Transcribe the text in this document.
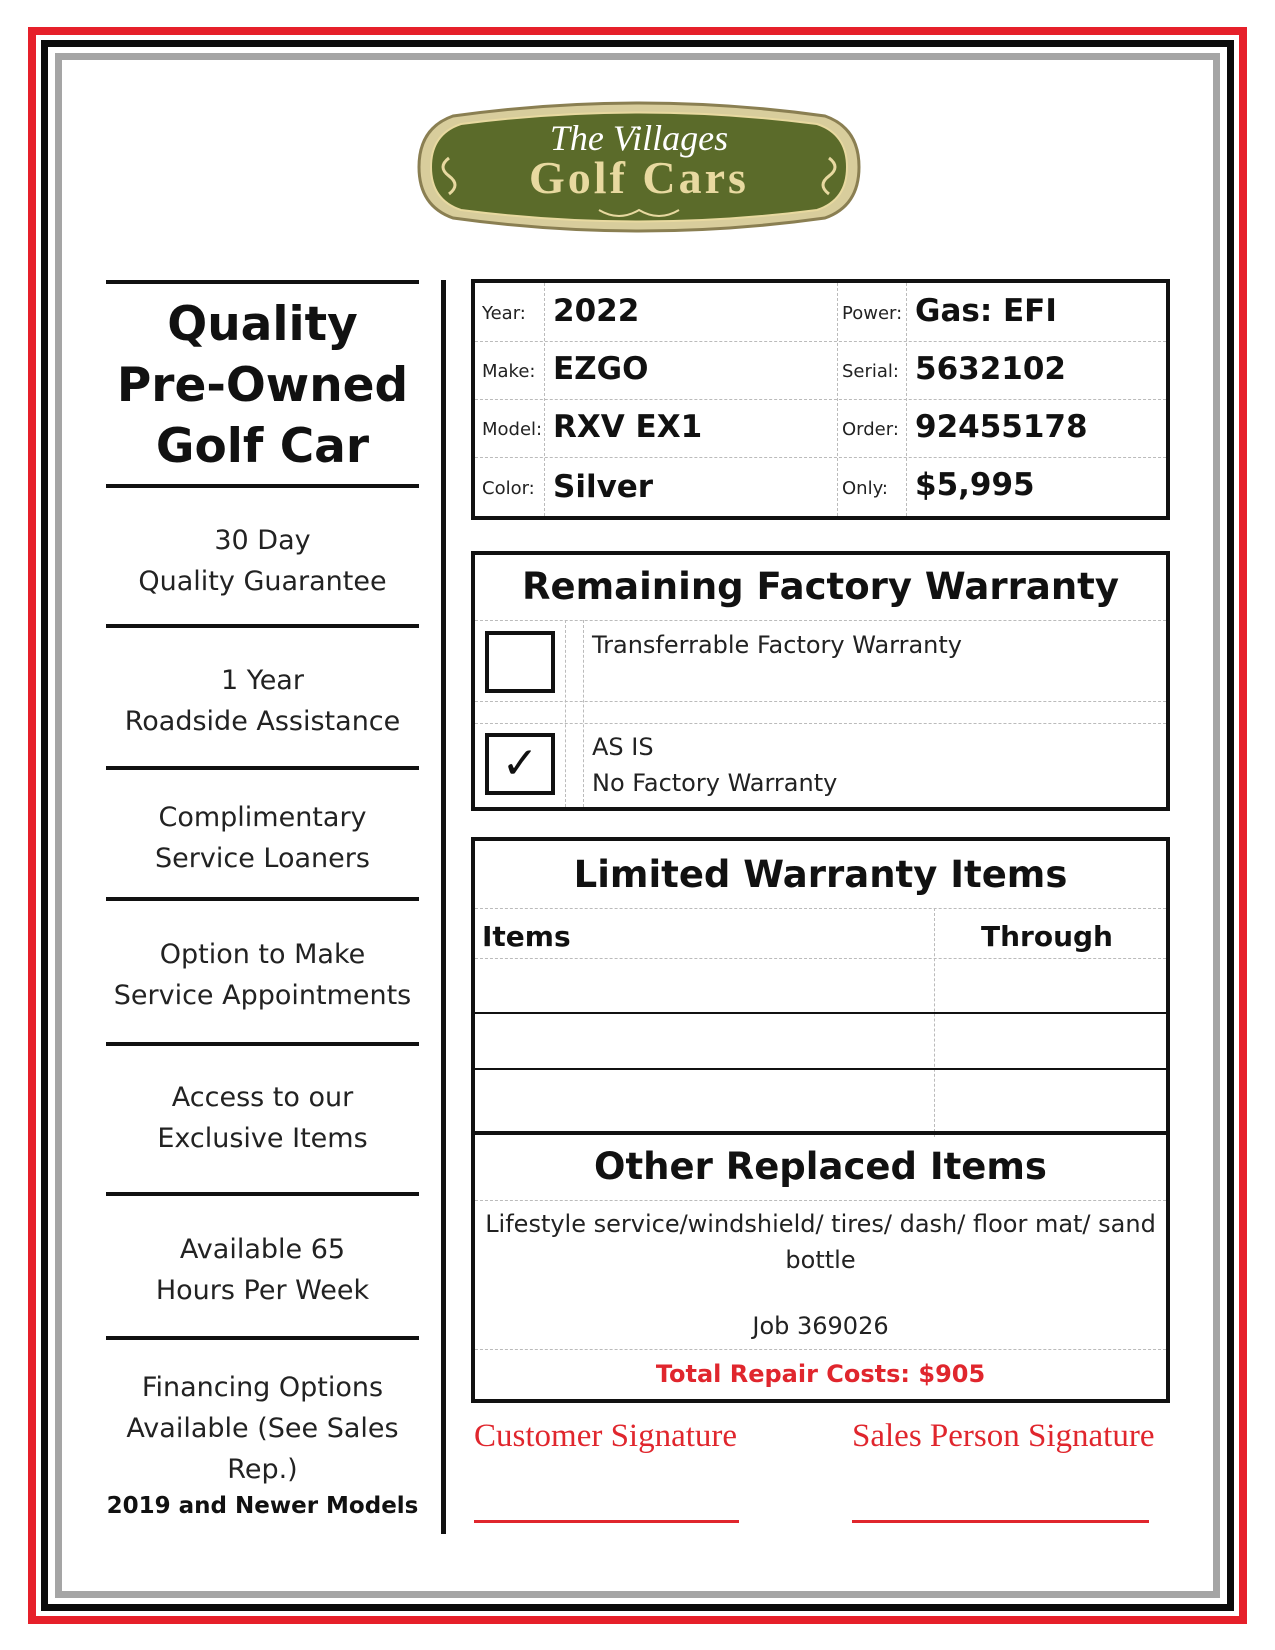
The Villages
Golf Cars
Quality
Pre-Owned
Golf Car
30 Day
Quality Guarantee
1 Year
Roadside Assistance
Complimentary
Service Loaners
Option to Make
Service Appointments
Access to our
Exclusive Items
Available 65
Hours Per Week
Financing Options
Available (See Sales Rep.)
2019 and Newer Models
Year: 2022	Power: Gas: EFI
Make: EZGO	Serial: 5632102
Model: RXV EX1	Order: 92455178
Color: Silver	Only: $5,995
Remaining Factory Warranty
Transferrable Factory Warranty
✓ AS IS
No Factory Warranty
Limited Warranty Items
Items	Through
Other Replaced Items
Lifestyle service/windshield/ tires/ dash/ floor mat/ sand
bottle
Job 369026
Total Repair Costs: $905
Customer Signature	Sales Person Signature
